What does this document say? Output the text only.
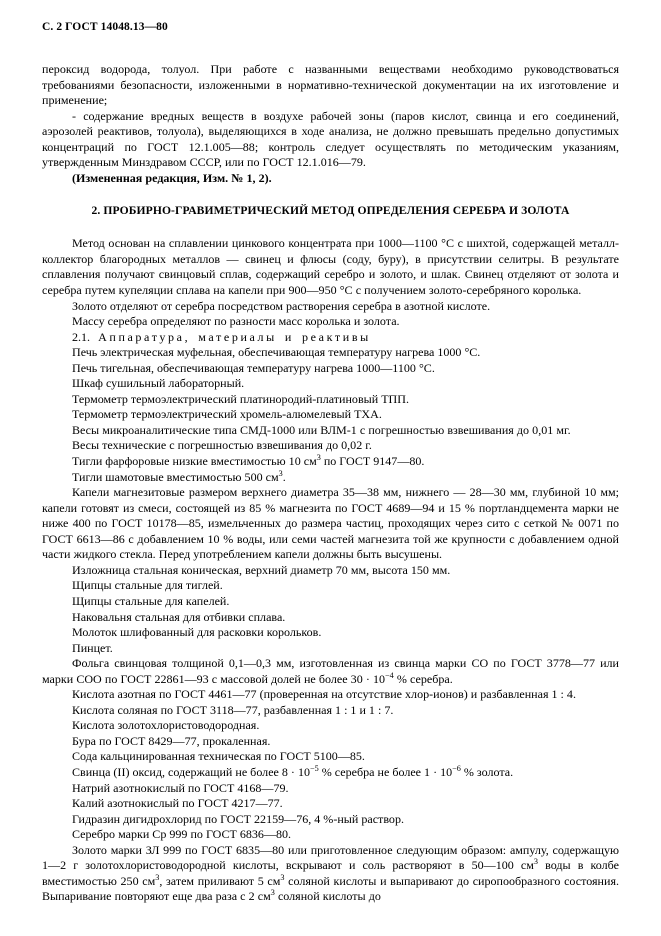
С. 2 ГОСТ 14048.13—80

пероксид водорода, толуол. При работе с названными веществами необходимо руководствоваться требованиями безопасности, изложенными в нормативно-технической документации на их изготовление и применение;

- содержание вредных веществ в воздухе рабочей зоны (паров кислот, свинца и его соединений, аэрозолей реактивов, толуола), выделяющихся в ходе анализа, не должно превышать предельно допустимых концентраций по ГОСТ 12.1.005—88; контроль следует осуществлять по методическим указаниям, утвержденным Минздравом СССР, или по ГОСТ 12.1.016—79.

(Измененная редакция, Изм. № 1, 2).

2. ПРОБИРНО-ГРАВИМЕТРИЧЕСКИЙ МЕТОД ОПРЕДЕЛЕНИЯ СЕРЕБРА И ЗОЛОТА

Метод основан на сплавлении цинкового концентрата при 1000—1100 °С с шихтой, содержащей металл-коллектор благородных металлов — свинец и флюсы (соду, буру), в присутствии селитры. В результате сплавления получают свинцовый сплав, содержащий серебро и золото, и шлак. Свинец отделяют от золота и серебра путем купеляции сплава на капели при 900—950 °С с получением золото-серебряного королька.

Золото отделяют от серебра посредством растворения серебра в азотной кислоте.

Массу серебра определяют по разности масс королька и золота.

2.1. Аппаратура, материалы и реактивы

Печь электрическая муфельная, обеспечивающая температуру нагрева 1000 °С.

Печь тигельная, обеспечивающая температуру нагрева 1000—1100 °С.

Шкаф сушильный лабораторный.

Термометр термоэлектрический платинородий-платиновый ТПП.

Термометр термоэлектрический хромель-алюмелевый ТХА.

Весы микроаналитические типа СМД-1000 или ВЛМ-1 с погрешностью взвешивания до 0,01 мг.

Весы технические с погрешностью взвешивания до 0,02 г.

Тигли фарфоровые низкие вместимостью 10 $см^3$ по ГОСТ 9147—80.

Тигли шамотовые вместимостью 500 $см^3$.

Капели магнезитовые размером верхнего диаметра 35—38 мм, нижнего — 28—30 мм, глубиной 10 мм; капели готовят из смеси, состоящей из 85 % магнезита по ГОСТ 4689—94 и 15 % портландцемента марки не ниже 400 по ГОСТ 10178—85, измельченных до размера частиц, проходящих через сито с сеткой № 0071 по ГОСТ 6613—86 с добавлением 10 % воды, или семи частей магнезита той же крупности с добавлением одной части жидкого стекла. Перед употреблением капели должны быть высушены.

Изложница стальная коническая, верхний диаметр 70 мм, высота 150 мм.

Щипцы стальные для тиглей.

Щипцы стальные для капелей.

Наковальня стальная для отбивки сплава.

Молоток шлифованный для расковки корольков.

Пинцет.

Фольга свинцовая толщиной 0,1—0,3 мм, изготовленная из свинца марки СО по ГОСТ 3778—77 или марки СОО по ГОСТ 22861—93 с массовой долей не более $30 \cdot 10^{-4}$ % серебра.

Кислота азотная по ГОСТ 4461—77 (проверенная на отсутствие хлор-ионов) и разбавленная 1 : 4.

Кислота соляная по ГОСТ 3118—77, разбавленная 1 : 1 и 1 : 7.

Кислота золотохлористоводородная.

Бура по ГОСТ 8429—77, прокаленная.

Сода кальцинированная техническая по ГОСТ 5100—85.

Свинца (II) оксид, содержащий не более $8 \cdot 10^{-5}$ % серебра не более $1 \cdot 10^{-6}$ % золота.

Натрий азотнокислый по ГОСТ 4168—79.

Калий азотнокислый по ГОСТ 4217—77.

Гидразин дигидрохлорид по ГОСТ 22159—76, 4 %-ный раствор.

Серебро марки Ср 999 по ГОСТ 6836—80.

Золото марки ЗЛ 999 по ГОСТ 6835—80 или приготовленное следующим образом: ампулу, содержащую 1—2 г золотохлористоводородной кислоты, вскрывают и соль растворяют в 50—100 $см^3$ воды в колбе вместимостью 250 $см^3$, затем приливают 5 $см^3$ соляной кислоты и выпаривают до сиропообразного состояния. Выпаривание повторяют еще два раза с 2 $см^3$ соляной кислоты до
